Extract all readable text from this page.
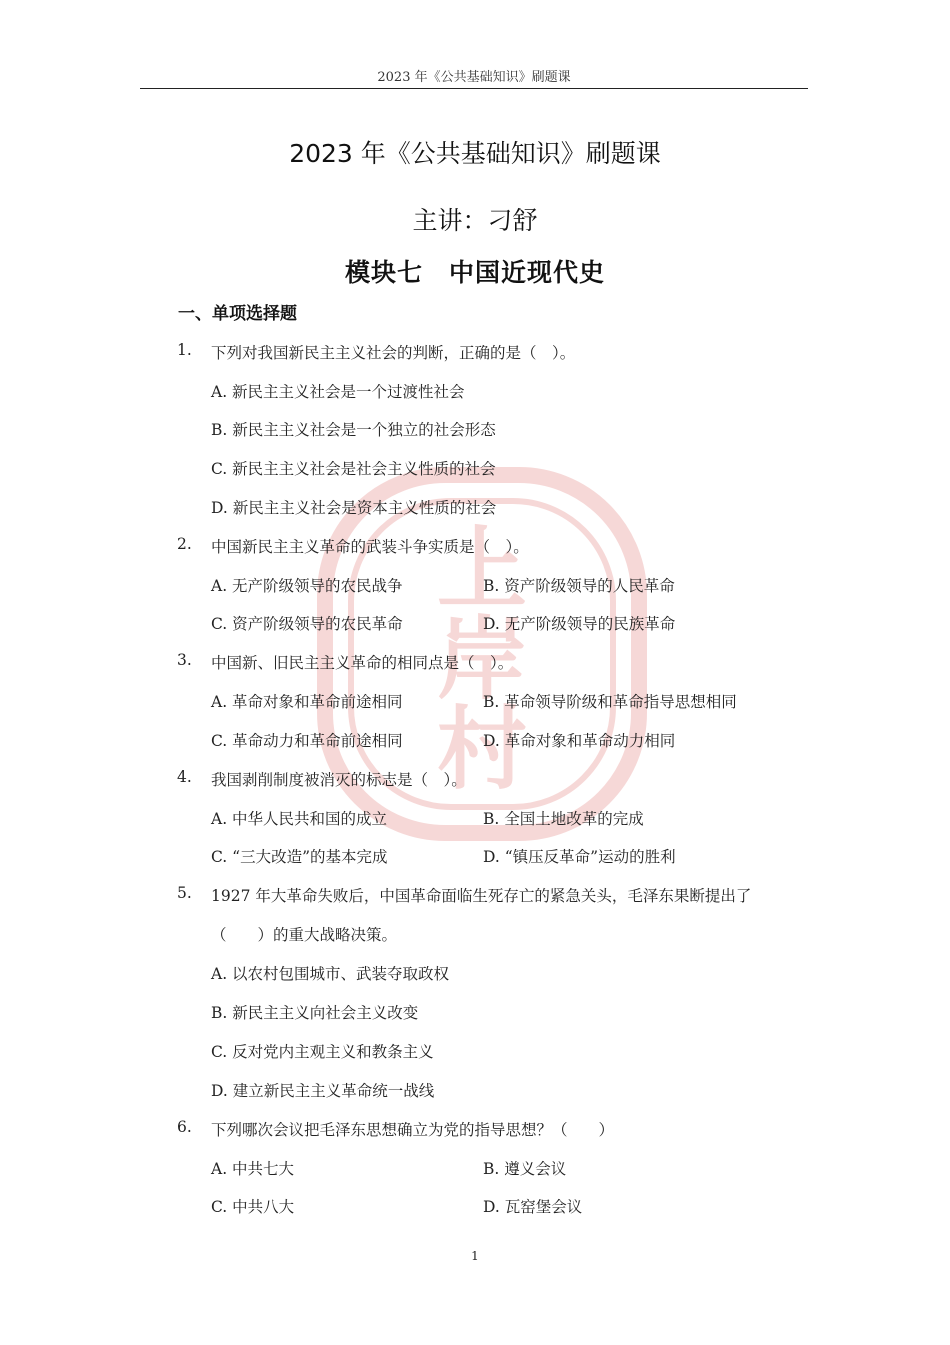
2023 年《公共基础知识》刷题课
上
岸
村
2023 年《公共基础知识》刷题课
主讲：刁舒
模块七　中国近现代史
一、单项选择题
1. 下列对我国新民主主义社会的判断，正确的是（　）。
A. 新民主主义社会是一个过渡性社会
B. 新民主主义社会是一个独立的社会形态
C. 新民主主义社会是社会主义性质的社会
D. 新民主主义社会是资本主义性质的社会
2. 中国新民主主义革命的武装斗争实质是（　）。
A. 无产阶级领导的农民战争	B. 资产阶级领导的人民革命
C. 资产阶级领导的农民革命	D. 无产阶级领导的民族革命
3. 中国新、旧民主主义革命的相同点是（　）。
A. 革命对象和革命前途相同	B. 革命领导阶级和革命指导思想相同
C. 革命动力和革命前途相同	D. 革命对象和革命动力相同
4. 我国剥削制度被消灭的标志是（　）。
A. 中华人民共和国的成立	B. 全国土地改革的完成
C. “三大改造”的基本完成	D. “镇压反革命”运动的胜利
5. 1927 年大革命失败后，中国革命面临生死存亡的紧急关头，毛泽东果断提出了
（　　）的重大战略决策。
A. 以农村包围城市、武装夺取政权
B. 新民主主义向社会主义改变
C. 反对党内主观主义和教条主义
D. 建立新民主主义革命统一战线
6. 下列哪次会议把毛泽东思想确立为党的指导思想？（　　）
A. 中共七大	B. 遵义会议
C. 中共八大	D. 瓦窑堡会议
1
